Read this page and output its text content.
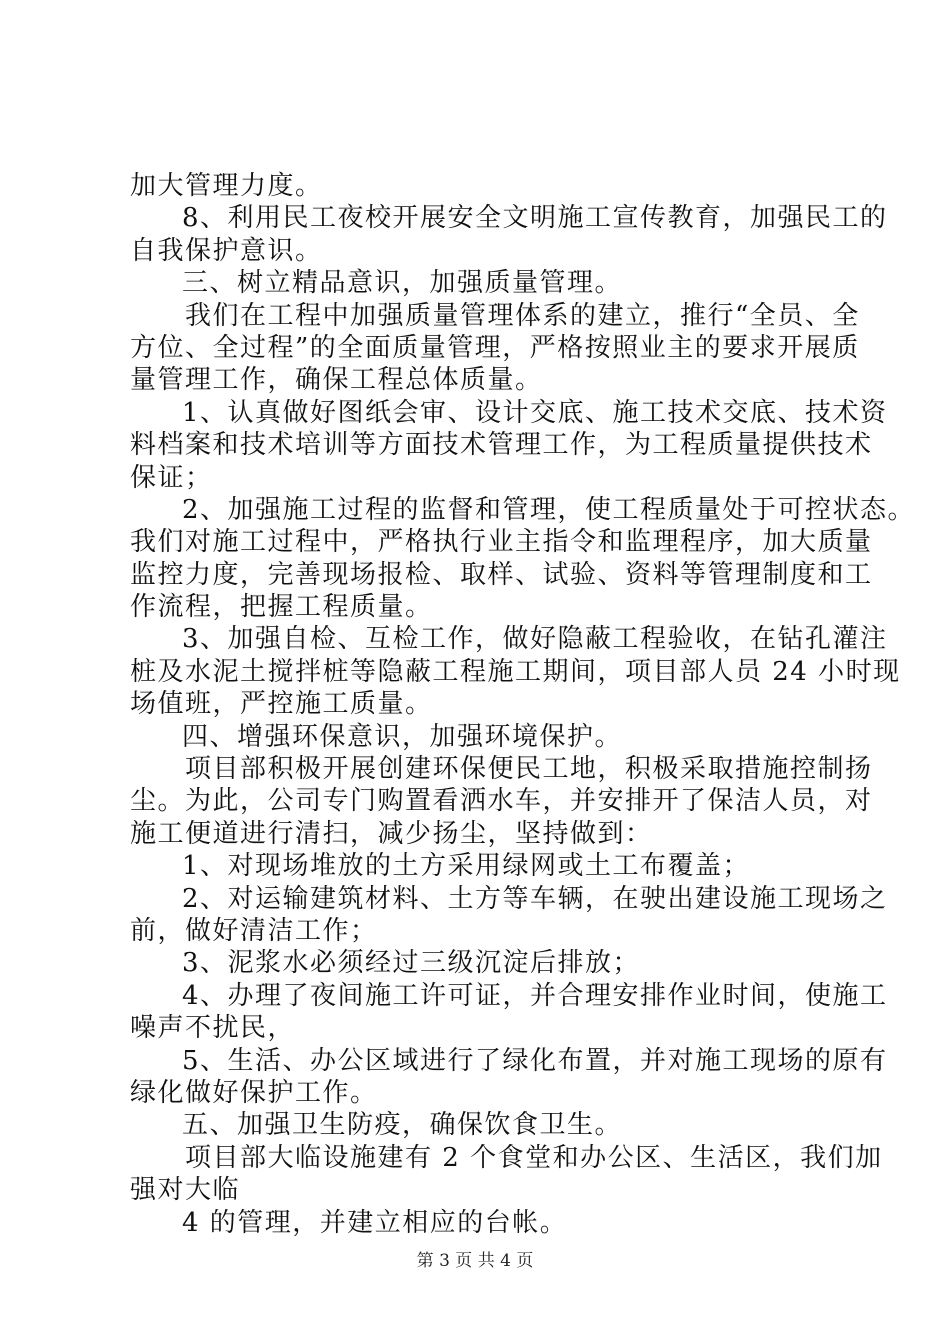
加大管理力度。
8、利用民工夜校开展安全文明施工宣传教育，加强民工的
自我保护意识。
三、树立精品意识，加强质量管理。
我们在工程中加强质量管理体系的建立，推行“全员、全
方位、全过程”的全面质量管理，严格按照业主的要求开展质
量管理工作，确保工程总体质量。
1、认真做好图纸会审、设计交底、施工技术交底、技术资
料档案和技术培训等方面技术管理工作，为工程质量提供技术
保证；
2、加强施工过程的监督和管理，使工程质量处于可控状态。
我们对施工过程中，严格执行业主指令和监理程序，加大质量
监控力度，完善现场报检、取样、试验、资料等管理制度和工
作流程，把握工程质量。
3、加强自检、互检工作，做好隐蔽工程验收，在钻孔灌注
桩及水泥土搅拌桩等隐蔽工程施工期间，项目部人员 24 小时现
场值班，严控施工质量。
四、增强环保意识，加强环境保护。
项目部积极开展创建环保便民工地，积极采取措施控制扬
尘。为此，公司专门购置看洒水车，并安排开了保洁人员，对
施工便道进行清扫，减少扬尘，坚持做到：
1、对现场堆放的土方采用绿网或土工布覆盖；
2、对运输建筑材料、土方等车辆，在驶出建设施工现场之
前，做好清洁工作；
3、泥浆水必须经过三级沉淀后排放；
4、办理了夜间施工许可证，并合理安排作业时间，使施工
噪声不扰民，
5、生活、办公区域进行了绿化布置，并对施工现场的原有
绿化做好保护工作。
五、加强卫生防疫，确保饮食卫生。
项目部大临设施建有 2 个食堂和办公区、生活区，我们加
强对大临
4 的管理，并建立相应的台帐。
第 3 页 共 4 页
